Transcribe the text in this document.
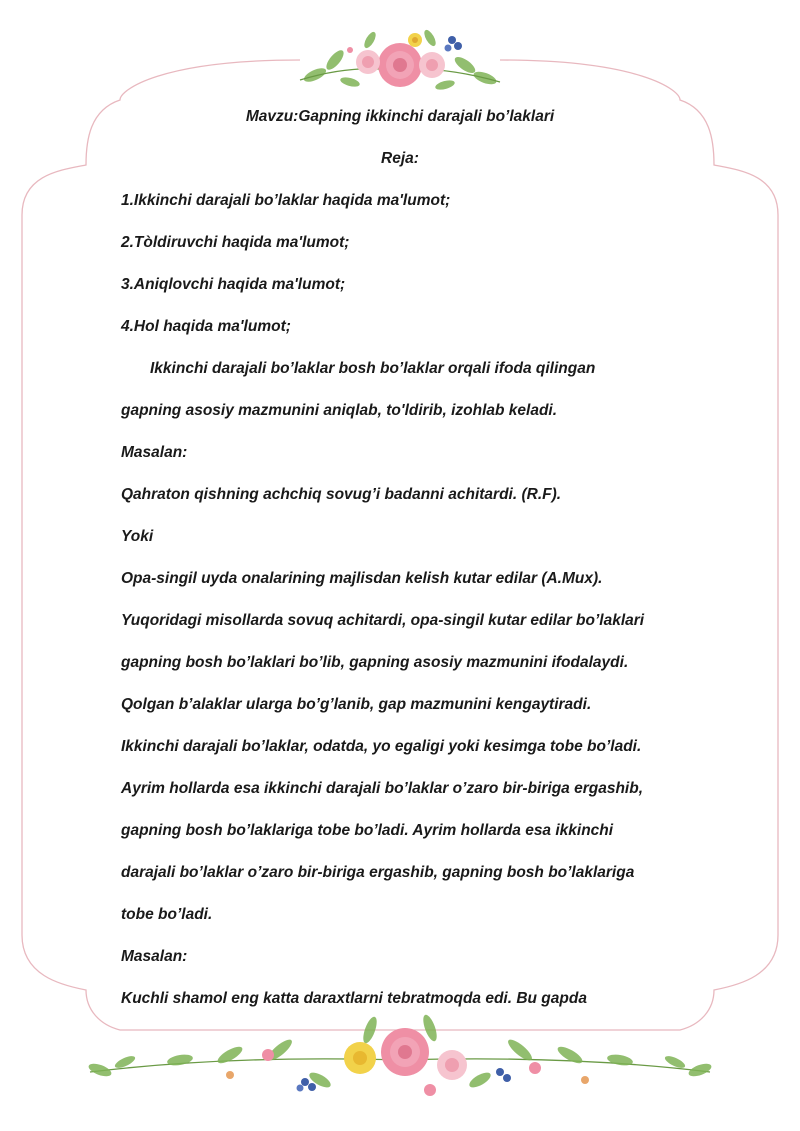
Mavzu:Gapning ikkinchi darajali bo’laklari
Reja:
1.Ikkinchi darajali bo’laklar haqida ma'lumot;
2.Tòldiruvchi haqida ma'lumot;
3.Aniqlovchi haqida ma'lumot;
4.Hol haqida ma'lumot;
Ikkinchi darajali bo’laklar bosh bo’laklar orqali ifoda qilingan
gapning asosiy mazmunini aniqlab, to'ldirib, izohlab keladi.
Masalan:
Qahraton qishning achchiq sovug’i badanni achitardi. (R.F).
Yoki
Opa-singil uyda onalarining majlisdan kelish kutar edilar (A.Mux).
Yuqoridagi misollarda sovuq achitardi, opa-singil kutar edilar bo’laklari
gapning bosh bo’laklari bo’lib, gapning asosiy mazmunini ifodalaydi.
Qolgan b’alaklar ularga bo’g’lanib, gap mazmunini kengaytiradi.
Ikkinchi darajali bo’laklar, odatda, yo egaligi yoki kesimga tobe bo’ladi.
Ayrim hollarda esa ikkinchi darajali bo’laklar o’zaro bir-biriga ergashib,
gapning bosh bo’laklariga tobe bo’ladi. Ayrim hollarda esa ikkinchi
darajali bo’laklar o’zaro bir-biriga ergashib, gapning bosh bo’laklariga
tobe bo’ladi.
Masalan:
Kuchli shamol eng katta daraxtlarni tebratmoqda edi. Bu gapda
